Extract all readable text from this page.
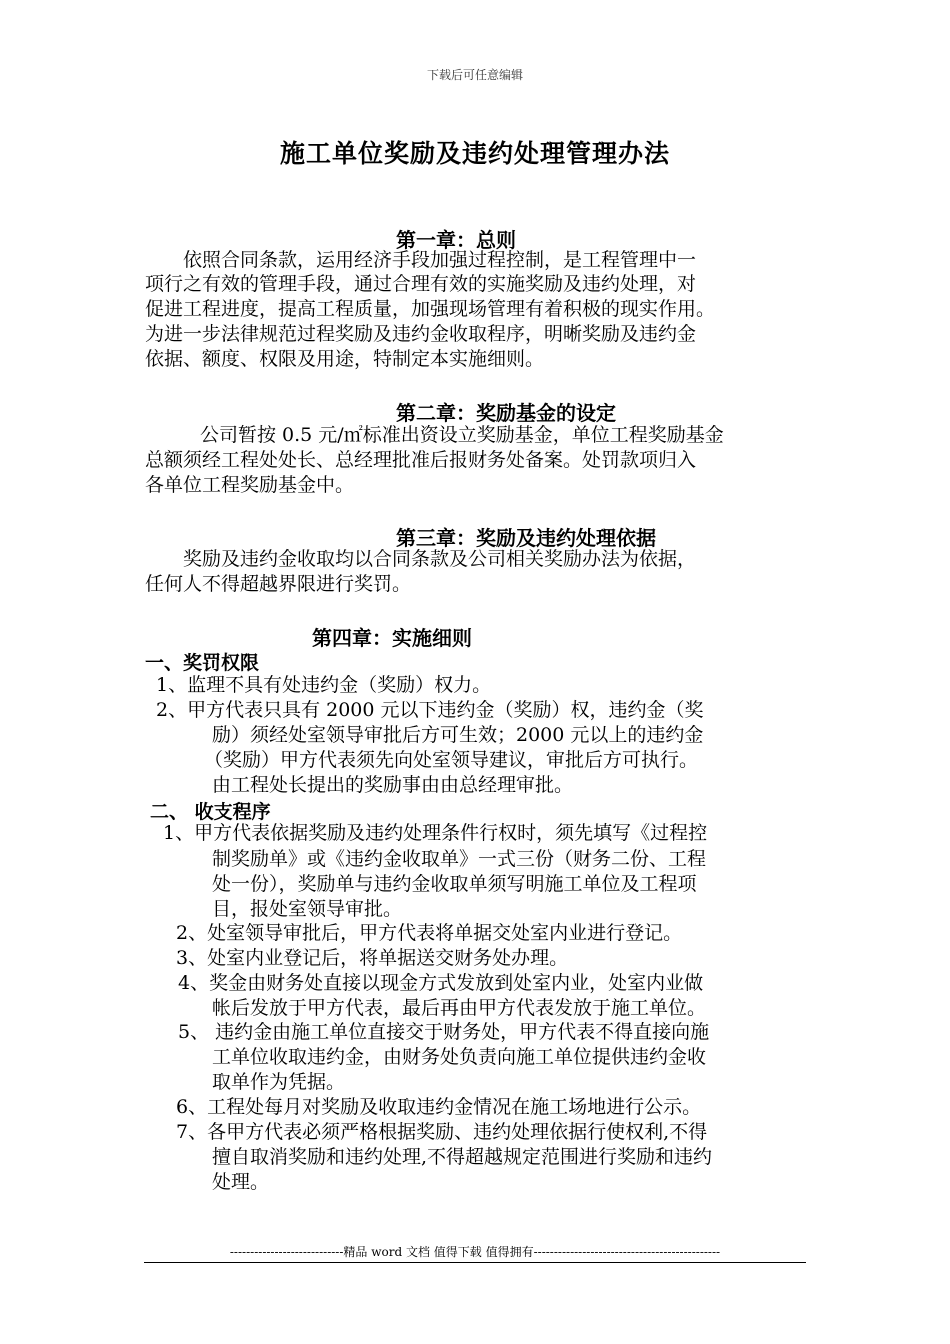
下载后可任意编辑
施工单位奖励及违约处理管理办法
第一章：总则
依照合同条款，运用经济手段加强过程控制，是工程管理中一
项行之有效的管理手段，通过合理有效的实施奖励及违约处理，对
促进工程进度，提高工程质量，加强现场管理有着积极的现实作用。
为进一步法律规范过程奖励及违约金收取程序，明晰奖励及违约金
依据、额度、权限及用途，特制定本实施细则。
第二章：奖励基金的设定
公司暂按 0.5 元/㎡标准出资设立奖励基金，单位工程奖励基金
总额须经工程处处长、总经理批准后报财务处备案。处罚款项归入
各单位工程奖励基金中。
第三章：奖励及违约处理依据
奖励及违约金收取均以合同条款及公司相关奖励办法为依据，
任何人不得超越界限进行奖罚。
第四章：实施细则
一、奖罚权限
1、监理不具有处违约金（奖励）权力。
2、甲方代表只具有 2000 元以下违约金（奖励）权，违约金（奖
励）须经处室领导审批后方可生效；2000 元以上的违约金
（奖励）甲方代表须先向处室领导建议，审批后方可执行。
由工程处长提出的奖励事由由总经理审批。
二、 收支程序
1、甲方代表依据奖励及违约处理条件行权时，须先填写《过程控
制奖励单》或《违约金收取单》一式三份（财务二份、工程
处一份），奖励单与违约金收取单须写明施工单位及工程项
目，报处室领导审批。
2、处室领导审批后，甲方代表将单据交处室内业进行登记。
3、处室内业登记后，将单据送交财务处办理。
4、奖金由财务处直接以现金方式发放到处室内业，处室内业做
帐后发放于甲方代表，最后再由甲方代表发放于施工单位。
5、 违约金由施工单位直接交于财务处，甲方代表不得直接向施
工单位收取违约金，由财务处负责向施工单位提供违约金收
取单作为凭据。
6、工程处每月对奖励及收取违约金情况在施工场地进行公示。
7、各甲方代表必须严格根据奖励、违约处理依据行使权利,不得
擅自取消奖励和违约处理,不得超越规定范围进行奖励和违约
处理。
----------------------------精品 word 文档 值得下载 值得拥有----------------------------------------------
